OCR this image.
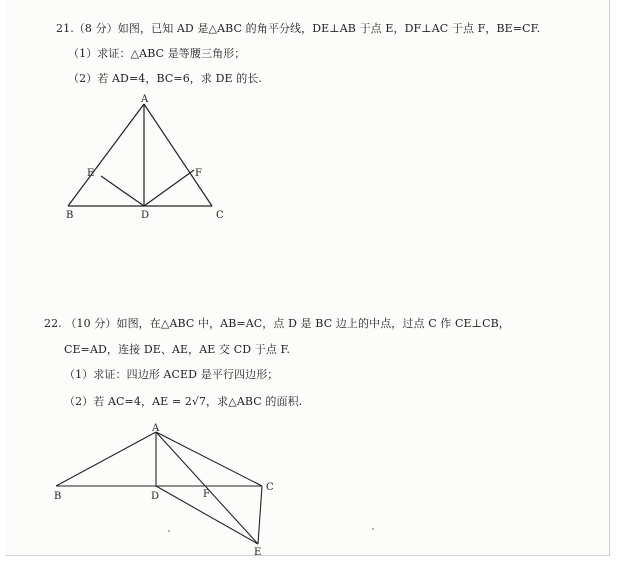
21.（8 分）如图，已知 AD 是△ABC 的角平分线，DE⊥AB 于点 E，DF⊥AC 于点 F，BE=CF.
（1）求证：△ABC 是等腰三角形；
（2）若 AD=4，BC=6，求 DE 的长.
A
B	C
D
E	F
22. （10 分）如图，在△ABC 中，AB=AC，点 D 是 BC 边上的中点，过点 C 作 CE⊥CB，
CE=AD，连接 DE、AE，AE 交 CD 于点 F.
（1）求证：四边形 ACED 是平行四边形；
（2）若 AC=4，AE = 2√7，求△ABC 的面积.
A
B
C
D	F
E
